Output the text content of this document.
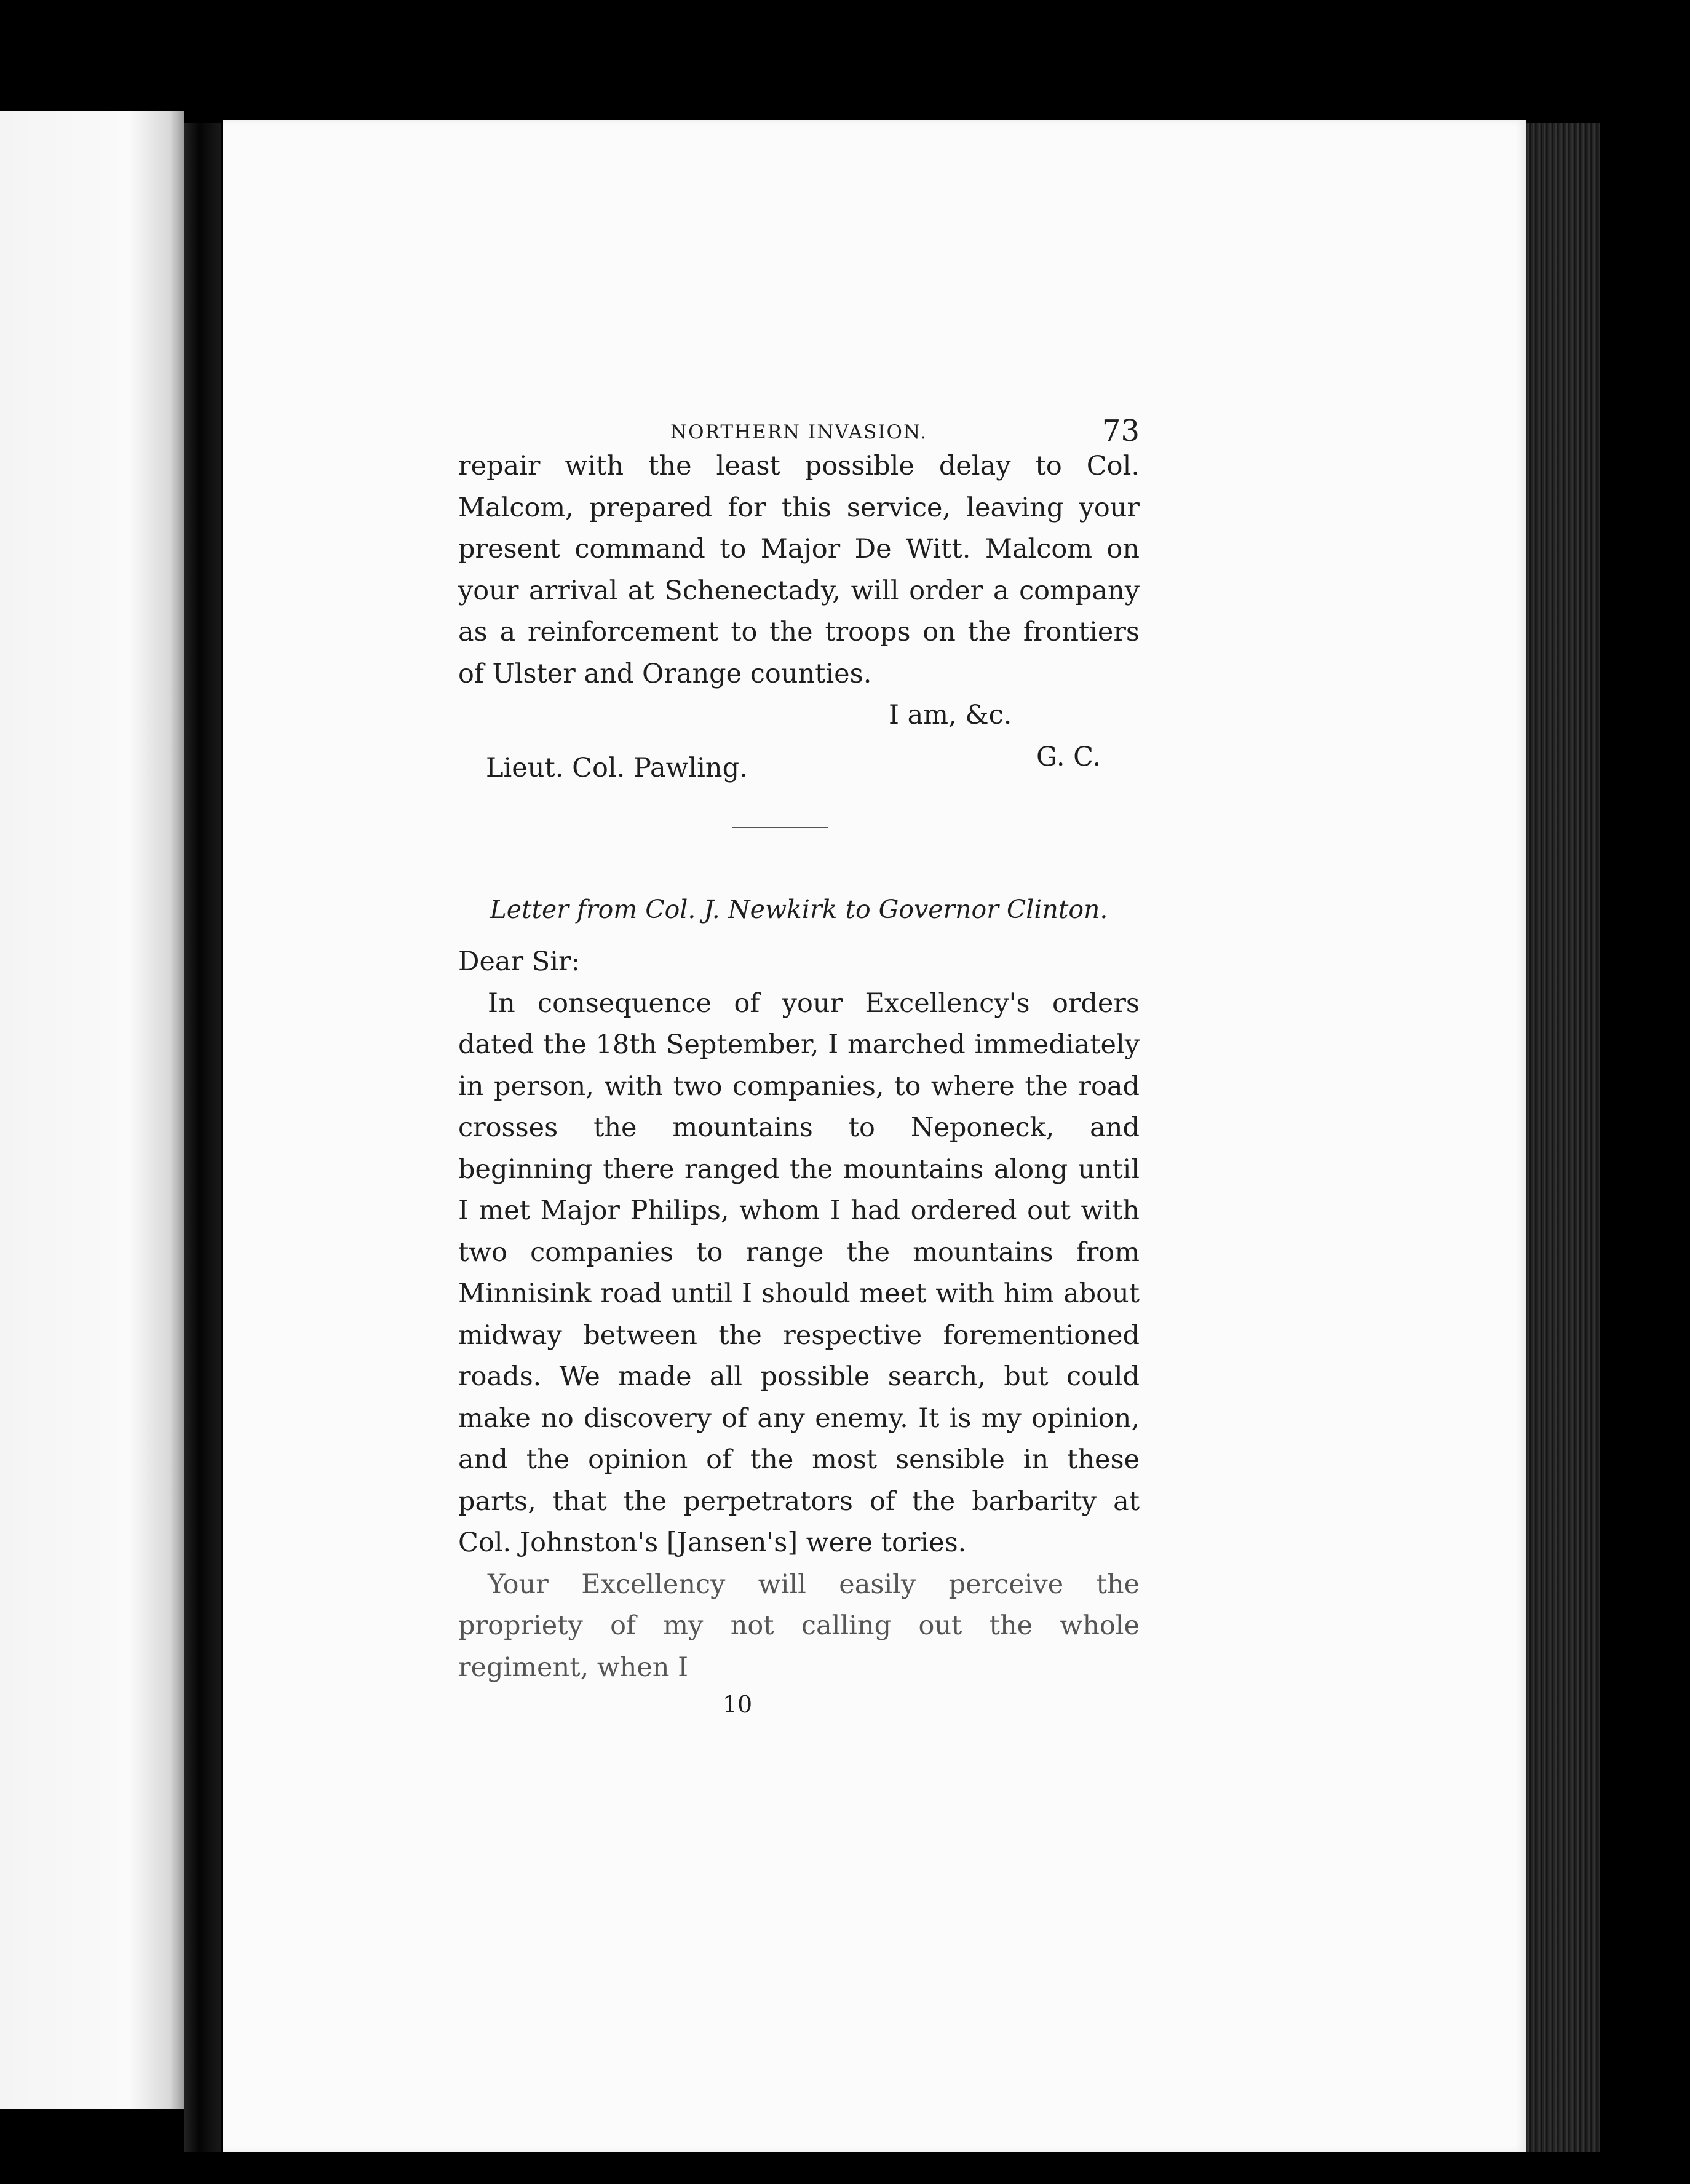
NORTHERN INVASION.	73

repair with the least possible delay to Col. Malcom, prepared for this service, leaving your present command to Major De Witt. Malcom on your arrival at Schenectady, will order a company as a reinforcement to the troops on the frontiers of Ulster and Orange counties.

I am, &c.
G. C.
Lieut. Col. Pawling.
Letter from Col. J. Newkirk to Governor Clinton.

Dear Sir:

In consequence of your Excellency's orders dated the 18th September, I marched immediately in person, with two companies, to where the road crosses the mountains to Neponeck, and beginning there ranged the mountains along until I met Major Philips, whom I had ordered out with two companies to range the mountains from Minnisink road until I should meet with him about midway between the respective forementioned roads. We made all possible search, but could make no discovery of any enemy. It is my opinion, and the opinion of the most sensible in these parts, that the perpetrators of the barbarity at Col. Johnston's [Jansen's] were tories.

Your Excellency will easily perceive the propriety of my not calling out the whole regiment, when I

10
